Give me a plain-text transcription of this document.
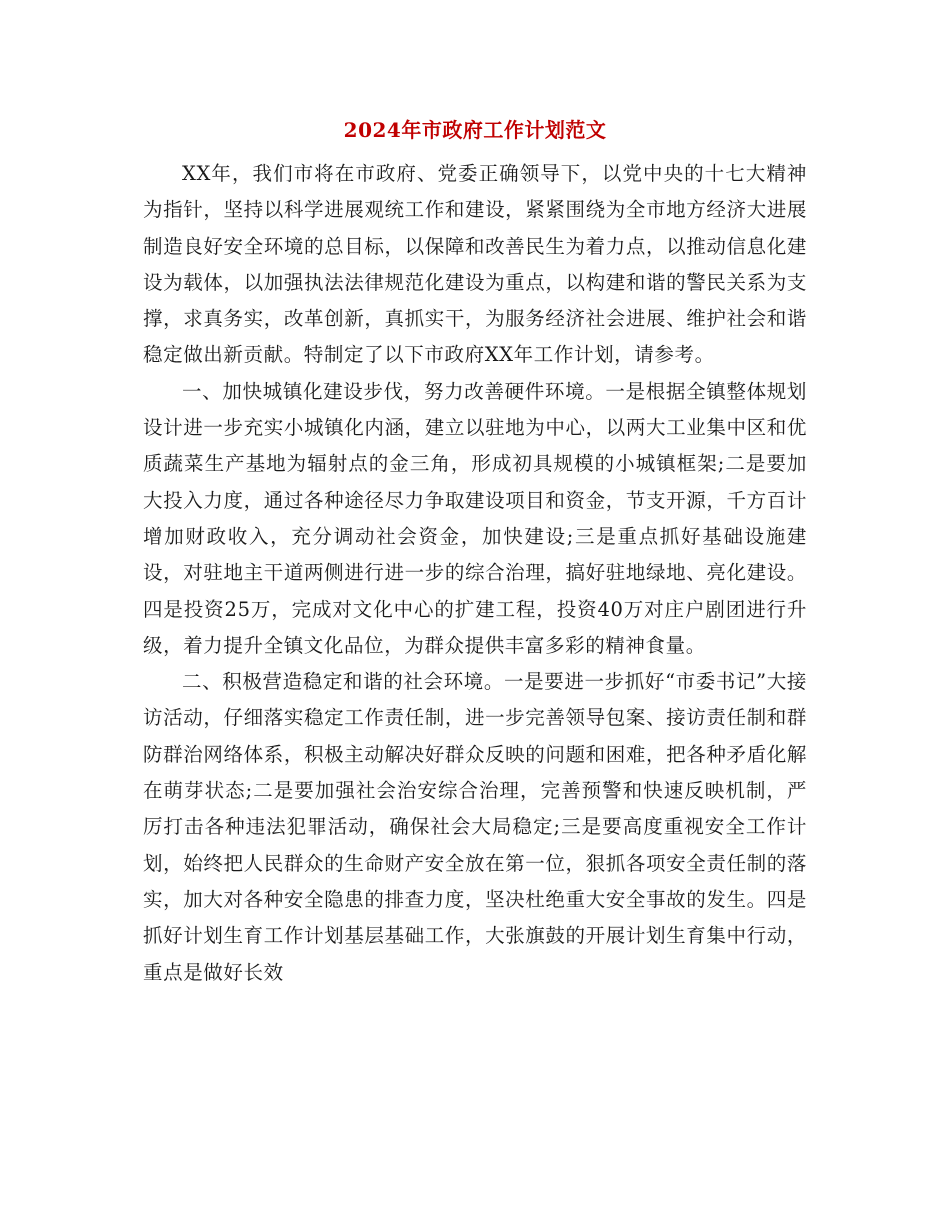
2024年市政府工作计划范文

XX年，我们市将在市政府、党委正确领导下，以党中央的十七大精神为指针，坚持以科学进展观统工作和建设，紧紧围绕为全市地方经济大进展制造良好安全环境的总目标，以保障和改善民生为着力点，以推动信息化建设为载体，以加强执法法律规范化建设为重点，以构建和谐的警民关系为支撑，求真务实，改革创新，真抓实干，为服务经济社会进展、维护社会和谐稳定做出新贡献。特制定了以下市政府XX年工作计划，请参考。

一、加快城镇化建设步伐，努力改善硬件环境。一是根据全镇整体规划设计进一步充实小城镇化内涵，建立以驻地为中心，以两大工业集中区和优质蔬菜生产基地为辐射点的金三角，形成初具规模的小城镇框架;二是要加大投入力度，通过各种途径尽力争取建设项目和资金，节支开源，千方百计增加财政收入，充分调动社会资金，加快建设;三是重点抓好基础设施建设，对驻地主干道两侧进行进一步的综合治理，搞好驻地绿地、亮化建设。四是投资25万，完成对文化中心的扩建工程，投资40万对庄户剧团进行升级，着力提升全镇文化品位，为群众提供丰富多彩的精神食量。

二、积极营造稳定和谐的社会环境。一是要进一步抓好“市委书记”大接访活动，仔细落实稳定工作责任制，进一步完善领导包案、接访责任制和群防群治网络体系，积极主动解决好群众反映的问题和困难，把各种矛盾化解在萌芽状态;二是要加强社会治安综合治理，完善预警和快速反映机制，严厉打击各种违法犯罪活动，确保社会大局稳定;三是要高度重视安全工作计划，始终把人民群众的生命财产安全放在第一位，狠抓各项安全责任制的落实，加大对各种安全隐患的排查力度，坚决杜绝重大安全事故的发生。四是抓好计划生育工作计划基层基础工作，大张旗鼓的开展计划生育集中行动，重点是做好长效
